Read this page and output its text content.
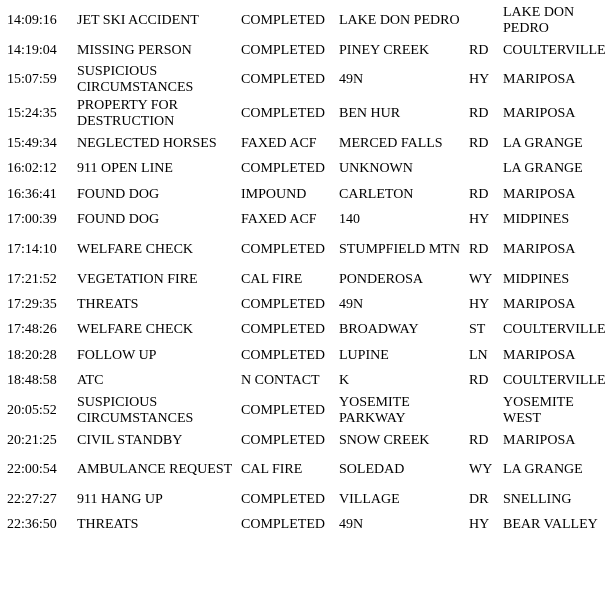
14:09:16	JET SKI ACCIDENT	COMPLETED	LAKE DON PEDRO		LAKE DON PEDRO
14:19:04	MISSING PERSON	COMPLETED	PINEY CREEK	RD	COULTERVILLE
15:07:59	SUSPICIOUS CIRCUMSTANCES	COMPLETED	49N	HY	MARIPOSA
15:24:35	PROPERTY FOR DESTRUCTION	COMPLETED	BEN HUR	RD	MARIPOSA
15:49:34	NEGLECTED HORSES	FAXED ACF	MERCED FALLS	RD	LA GRANGE
16:02:12	911 OPEN LINE	COMPLETED	UNKNOWN		LA GRANGE
16:36:41	FOUND DOG	IMPOUND	CARLETON	RD	MARIPOSA
17:00:39	FOUND DOG	FAXED ACF	140	HY	MIDPINES
17:14:10	WELFARE CHECK	COMPLETED	STUMPFIELD MTN	RD	MARIPOSA
17:21:52	VEGETATION FIRE	CAL FIRE	PONDEROSA	WY	MIDPINES
17:29:35	THREATS	COMPLETED	49N	HY	MARIPOSA
17:48:26	WELFARE CHECK	COMPLETED	BROADWAY	ST	COULTERVILLE
18:20:28	FOLLOW UP	COMPLETED	LUPINE	LN	MARIPOSA
18:48:58	ATC	N CONTACT	K	RD	COULTERVILLE
20:05:52	SUSPICIOUS CIRCUMSTANCES	COMPLETED	YOSEMITE PARKWAY		YOSEMITE WEST
20:21:25	CIVIL STANDBY	COMPLETED	SNOW CREEK	RD	MARIPOSA
22:00:54	AMBULANCE REQUEST	CAL FIRE	SOLEDAD	WY	LA GRANGE
22:27:27	911 HANG UP	COMPLETED	VILLAGE	DR	SNELLING
22:36:50	THREATS	COMPLETED	49N	HY	BEAR VALLEY
